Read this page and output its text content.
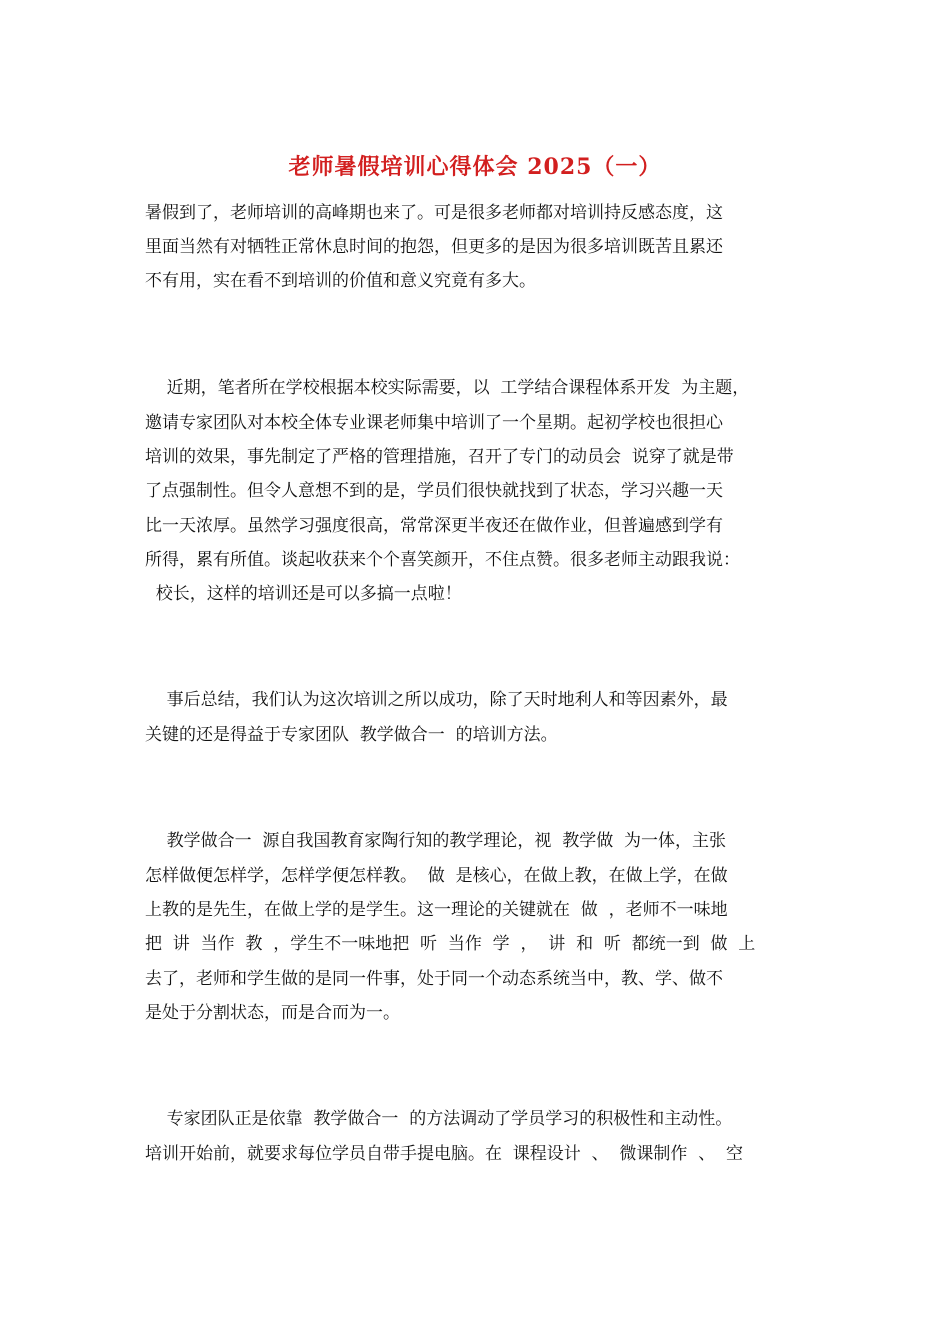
老师暑假培训心得体会 2025（一）

暑假到了，老师培训的高峰期也来了。可是很多老师都对培训持反感态度，这

里面当然有对牺牲正常休息时间的抱怨，但更多的是因为很多培训既苦且累还

不有用，实在看不到培训的价值和意义究竟有多大。

近期，笔者所在学校根据本校实际需要，以  工学结合课程体系开发  为主题，

邀请专家团队对本校全体专业课老师集中培训了一个星期。起初学校也很担心

培训的效果，事先制定了严格的管理措施，召开了专门的动员会  说穿了就是带

了点强制性。但令人意想不到的是，学员们很快就找到了状态，学习兴趣一天

比一天浓厚。虽然学习强度很高，常常深更半夜还在做作业，但普遍感到学有

所得，累有所值。谈起收获来个个喜笑颜开，不住点赞。很多老师主动跟我说：

校长，这样的培训还是可以多搞一点啦！

事后总结，我们认为这次培训之所以成功，除了天时地利人和等因素外，最

关键的还是得益于专家团队  教学做合一  的培训方法。

教学做合一  源自我国教育家陶行知的教学理论，视  教学做  为一体，主张

怎样做便怎样学，怎样学便怎样教。  做  是核心，在做上教，在做上学，在做

上教的是先生，在做上学的是学生。这一理论的关键就在  做  ，老师不一味地

把  讲  当作  教  ，学生不一味地把  听  当作  学  ，  讲  和  听  都统一到  做  上

去了，老师和学生做的是同一件事，处于同一个动态系统当中，教、学、做不

是处于分割状态，而是合而为一。

专家团队正是依靠  教学做合一  的方法调动了学员学习的积极性和主动性。

培训开始前，就要求每位学员自带手提电脑。在  课程设计  、  微课制作  、  空
